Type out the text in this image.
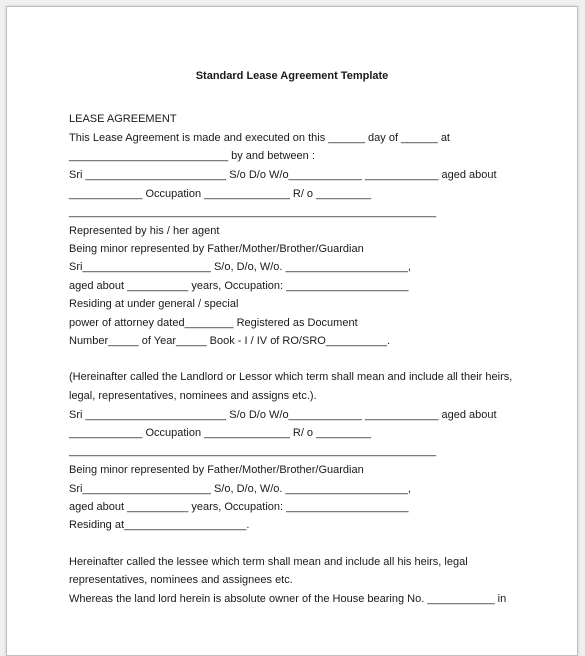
Standard Lease Agreement Template
LEASE AGREEMENT
This Lease Agreement is made and executed on this ______ day of ______ at
__________________________ by and between :
Sri _______________________ S/o D/o W/o____________ ____________ aged about
____________ Occupation ______________ R/ o _________
____________________________________________________________
Represented by his / her agent
Being minor represented by Father/Mother/Brother/Guardian
Sri_____________________ S/o, D/o, W/o. ____________________,
aged about __________ years, Occupation: ____________________
Residing at under general / special
power of attorney dated________ Registered as Document
Number_____ of Year_____ Book - I / IV of RO/SRO__________.
(Hereinafter called the Landlord or Lessor which term shall mean and include all their heirs,
legal, representatives, nominees and assigns etc.).
Sri _______________________ S/o D/o W/o____________ ____________ aged about
____________ Occupation ______________ R/ o _________
____________________________________________________________
Being minor represented by Father/Mother/Brother/Guardian
Sri_____________________ S/o, D/o, W/o. ____________________,
aged about __________ years, Occupation: ____________________
Residing at____________________.
Hereinafter called the lessee which term shall mean and include all his heirs, legal
representatives, nominees and assignees etc.
Whereas the land lord herein is absolute owner of the House bearing No. ___________ in
